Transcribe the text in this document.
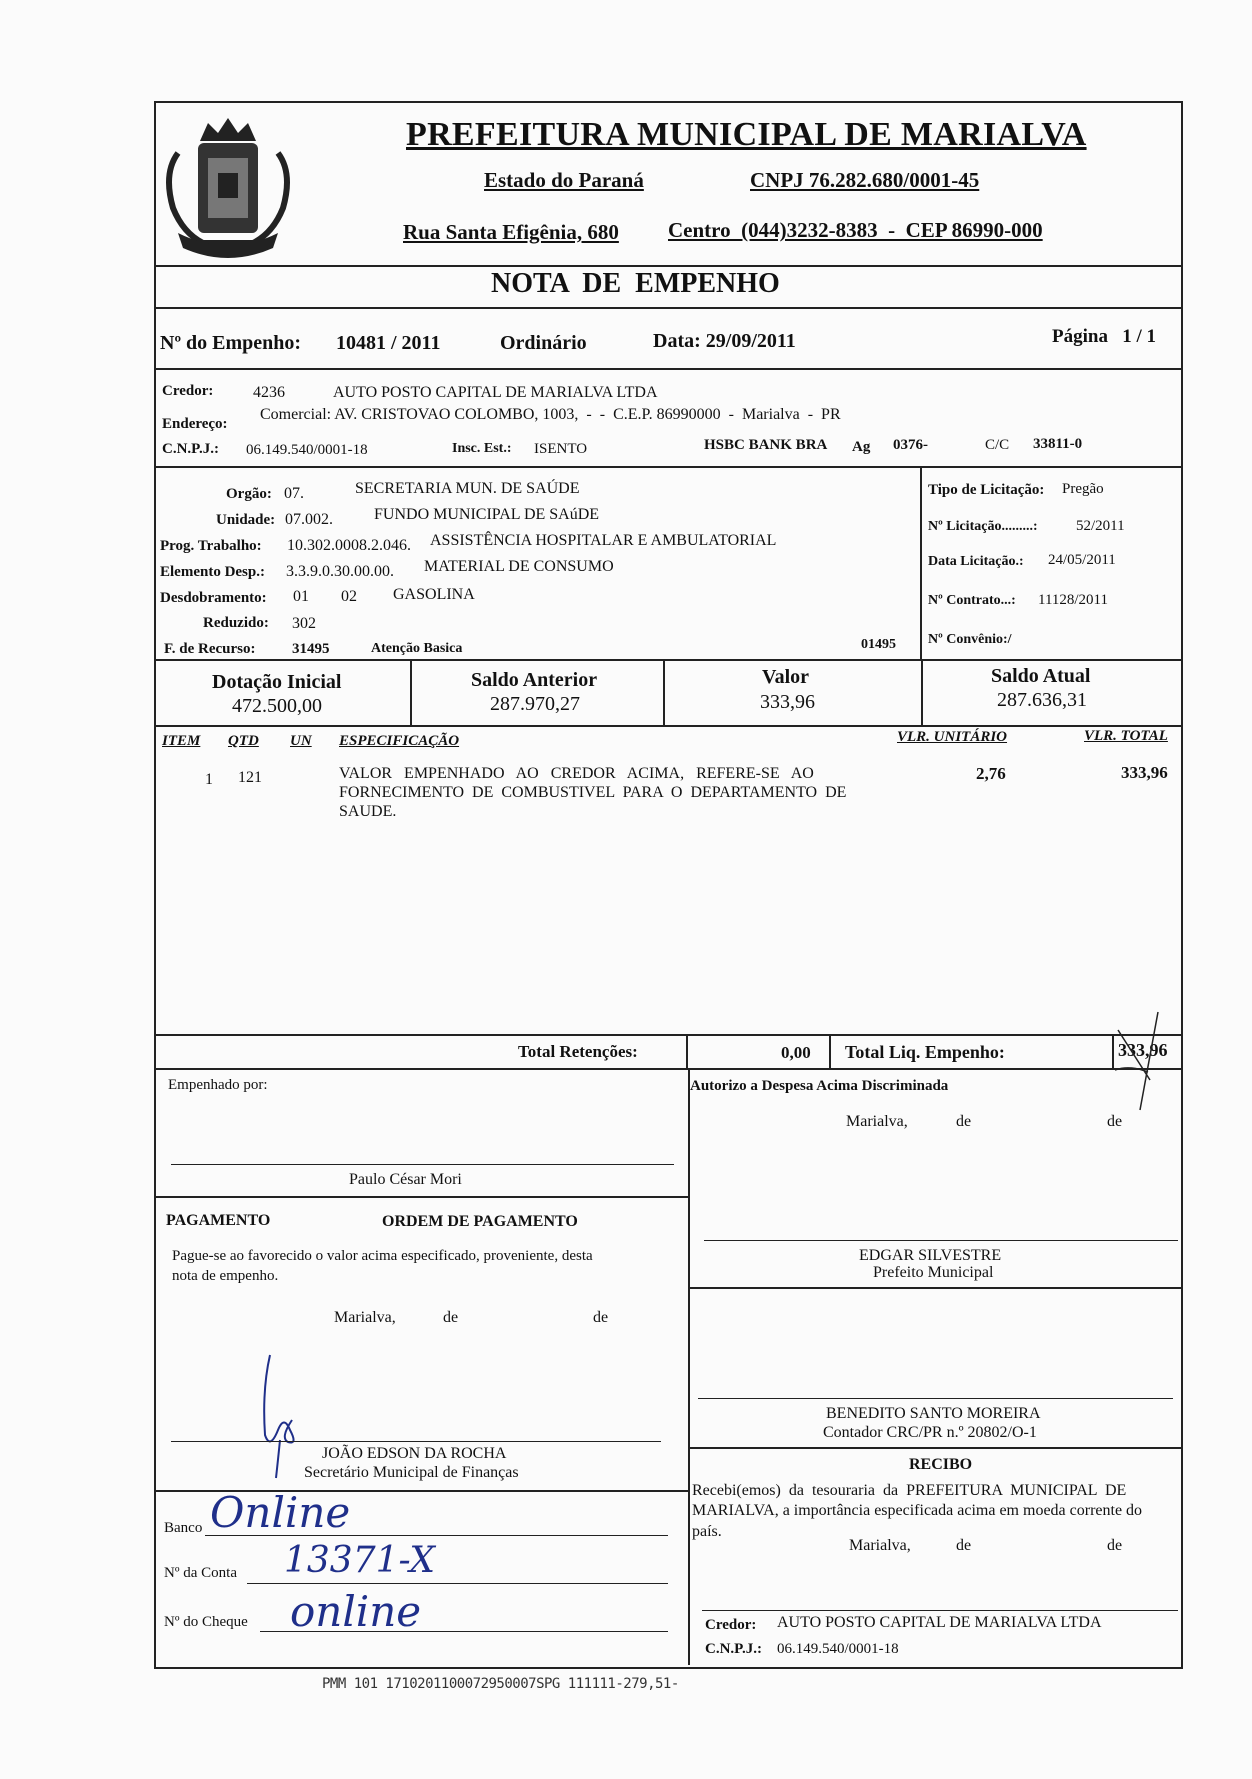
PREFEITURA MUNICIPAL DE MARIALVA
Estado do Paraná	CNPJ 76.282.680/0001-45
Rua Santa Efigênia, 680 Centro  (044)3232-8383  -  CEP 86990-000
NOTA  DE  EMPENHO
Nº do Empenho: 10481 / 2011	Ordinário	Data: 29/09/2011	Página   1 / 1
Credor: 4236	AUTO POSTO CAPITAL DE MARIALVA LTDA
Endereço:
Comercial: AV. CRISTOVAO COLOMBO, 1003,  -  -  C.E.P. 86990000  -  Marialva  -  PR
C.N.P.J.: 06.149.540/0001-18	Insc. Est.: ISENTO	HSBC BANK BRA Ag 0376-	C/C 33811-0
Orgão: 07.	SECRETARIA MUN. DE SAÚDE
Unidade: 07.002.	FUNDO MUNICIPAL DE SAúDE
Prog. Trabalho: 10.302.0008.2.046. ASSISTÊNCIA HOSPITALAR E AMBULATORIAL
Elemento Desp.: 3.3.9.0.30.00.00. MATERIAL DE CONSUMO
Desdobramento: 01 02 GASOLINA
Reduzido: 302
F. de Recurso: 31495	Atenção Basica	01495
Tipo de Licitação: Pregão
Nº Licitação.........:	52/2011
Data Licitação.: 24/05/2011
Nº Contrato...: 11128/2011
Nº Convênio:/
Dotação Inicial
472.500,00
Saldo Anterior
287.970,27
Valor
333,96
Saldo Atual
287.636,31
ITEM QTD UN ESPECIFICAÇÃO	VLR. UNITÁRIO	VLR. TOTAL
1 121	VALOR   EMPENHADO   AO   CREDOR   ACIMA,   REFERE-SE   AO
FORNECIMENTO  DE  COMBUSTIVEL  PARA  O  DEPARTAMENTO  DE
SAUDE.
2,76	333,96
Total Retenções:	0,00 Total Liq. Empenho:	333,96
Empenhado por:
Paulo César Mori
Autorizo a Despesa Acima Discriminada
Marialva,	de	de
EDGAR SILVESTRE
Prefeito Municipal
PAGAMENTO	ORDEM DE PAGAMENTO
Pague-se ao favorecido o valor acima especificado, proveniente, desta
nota de empenho.
Marialva,	de	de
JOÃO EDSON DA ROCHA
Secretário Municipal de Finanças
BENEDITO SANTO MOREIRA
Contador CRC/PR n.º 20802/O-1
RECIBO
Recebi(emos)  da  tesouraria  da  PREFEITURA  MUNICIPAL  DE
MARIALVA, a importância especificada acima em moeda corrente do
país.
Marialva,	de	de
Credor: AUTO POSTO CAPITAL DE MARIALVA LTDA
C.N.P.J.: 06.149.540/0001-18
Banco Online
Nº da Conta 13371-X
Nº do Cheque online
PMM 101 1710201100072950007SPG 111111-279,51-
